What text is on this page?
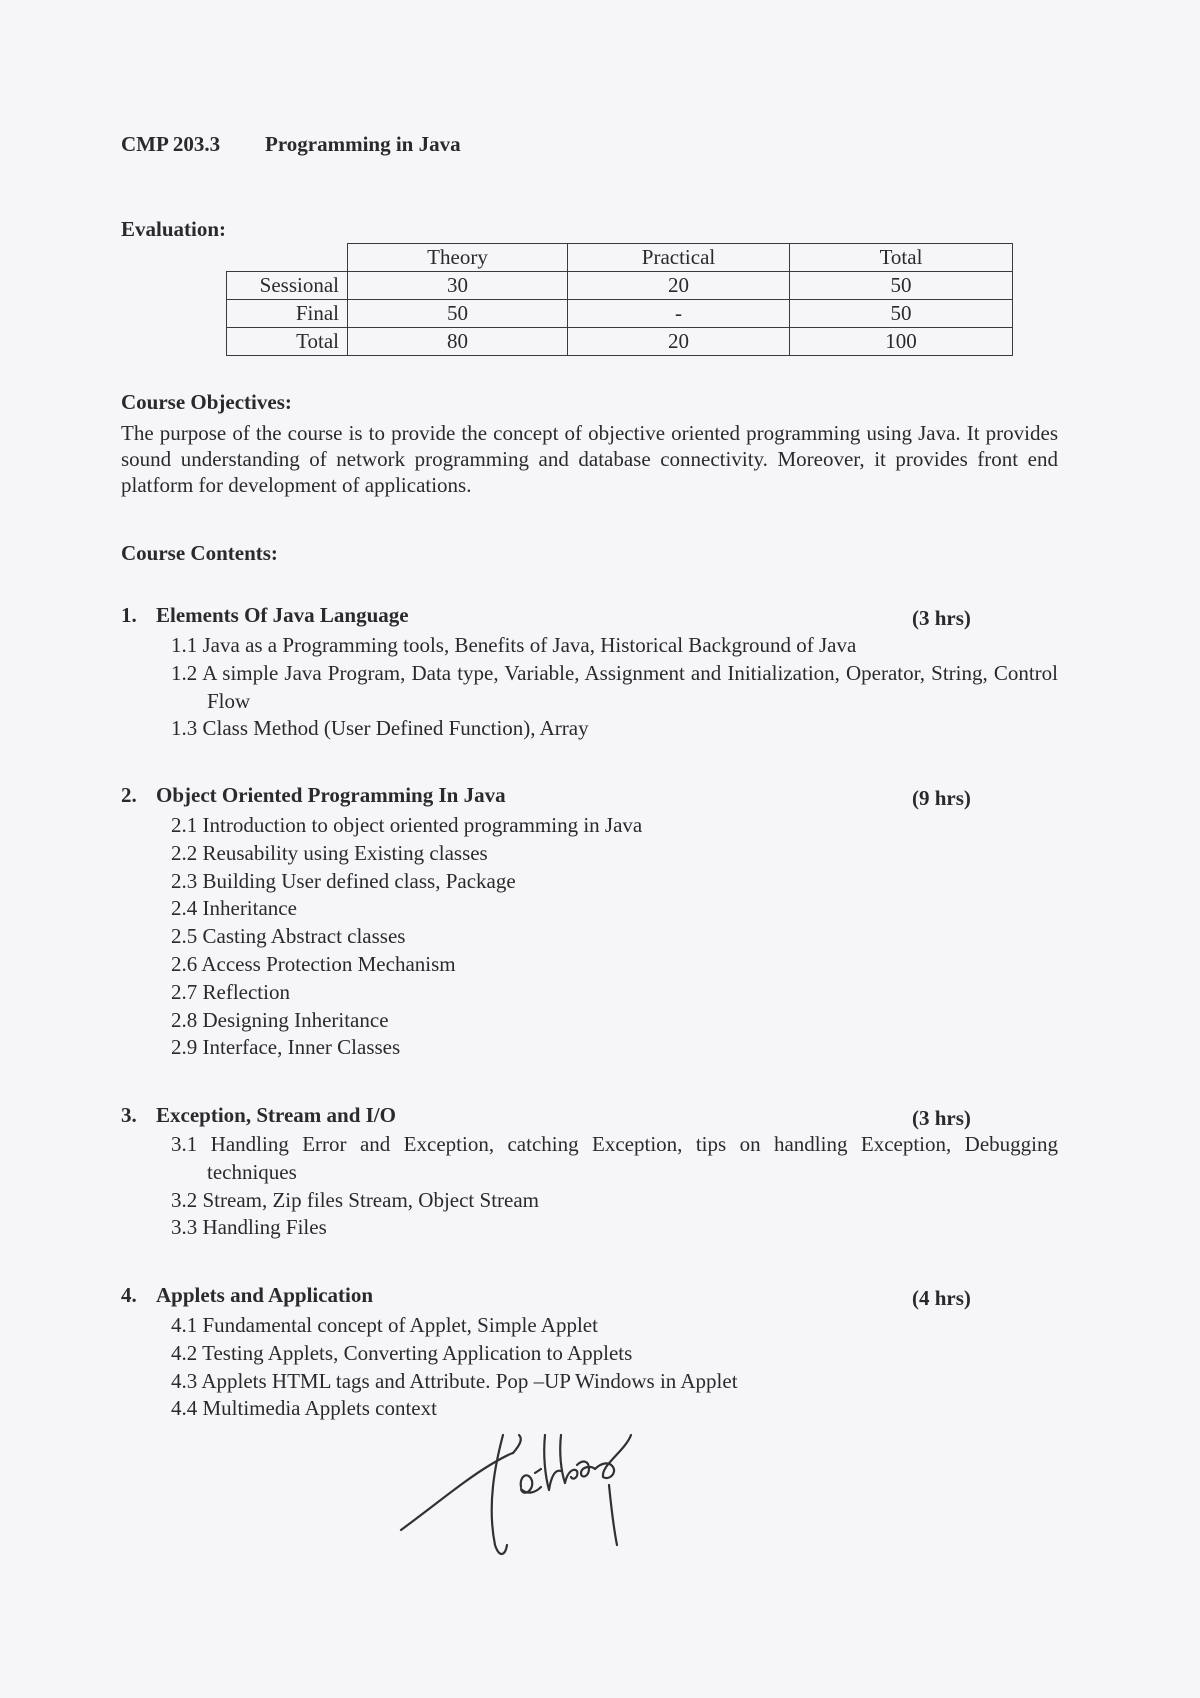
CMP 203.3 Programming in Java
Evaluation:
	Theory	Practical	Total
Sessional	30	20	50
Final	50	-	50
Total	80	20	100
Course Objectives:
The purpose of the course is to provide the concept of objective oriented programming using Java. It provides sound understanding of network programming and database connectivity. Moreover, it provides front end platform for development of applications.
Course Contents:
1. Elements Of Java Language	(3 hrs)
1.1 Java as a Programming tools, Benefits of Java, Historical Background of Java
1.2 A simple Java Program, Data type, Variable, Assignment and Initialization, Operator, String, Control Flow
1.3 Class Method (User Defined Function), Array
2. Object Oriented Programming In Java	(9 hrs)
2.1 Introduction to object oriented programming in Java
2.2 Reusability using Existing classes
2.3 Building User defined class, Package
2.4 Inheritance
2.5 Casting Abstract classes
2.6 Access Protection Mechanism
2.7 Reflection
2.8 Designing Inheritance
2.9 Interface, Inner Classes
3. Exception, Stream and I/O	(3 hrs)
3.1 Handling Error and Exception, catching Exception, tips on handling Exception, Debugging techniques
3.2 Stream, Zip files Stream, Object Stream
3.3 Handling Files
4. Applets and Application	(4 hrs)
4.1 Fundamental concept of Applet, Simple Applet
4.2 Testing Applets, Converting Application to Applets
4.3 Applets HTML tags and Attribute. Pop –UP Windows in Applet
4.4 Multimedia Applets context
